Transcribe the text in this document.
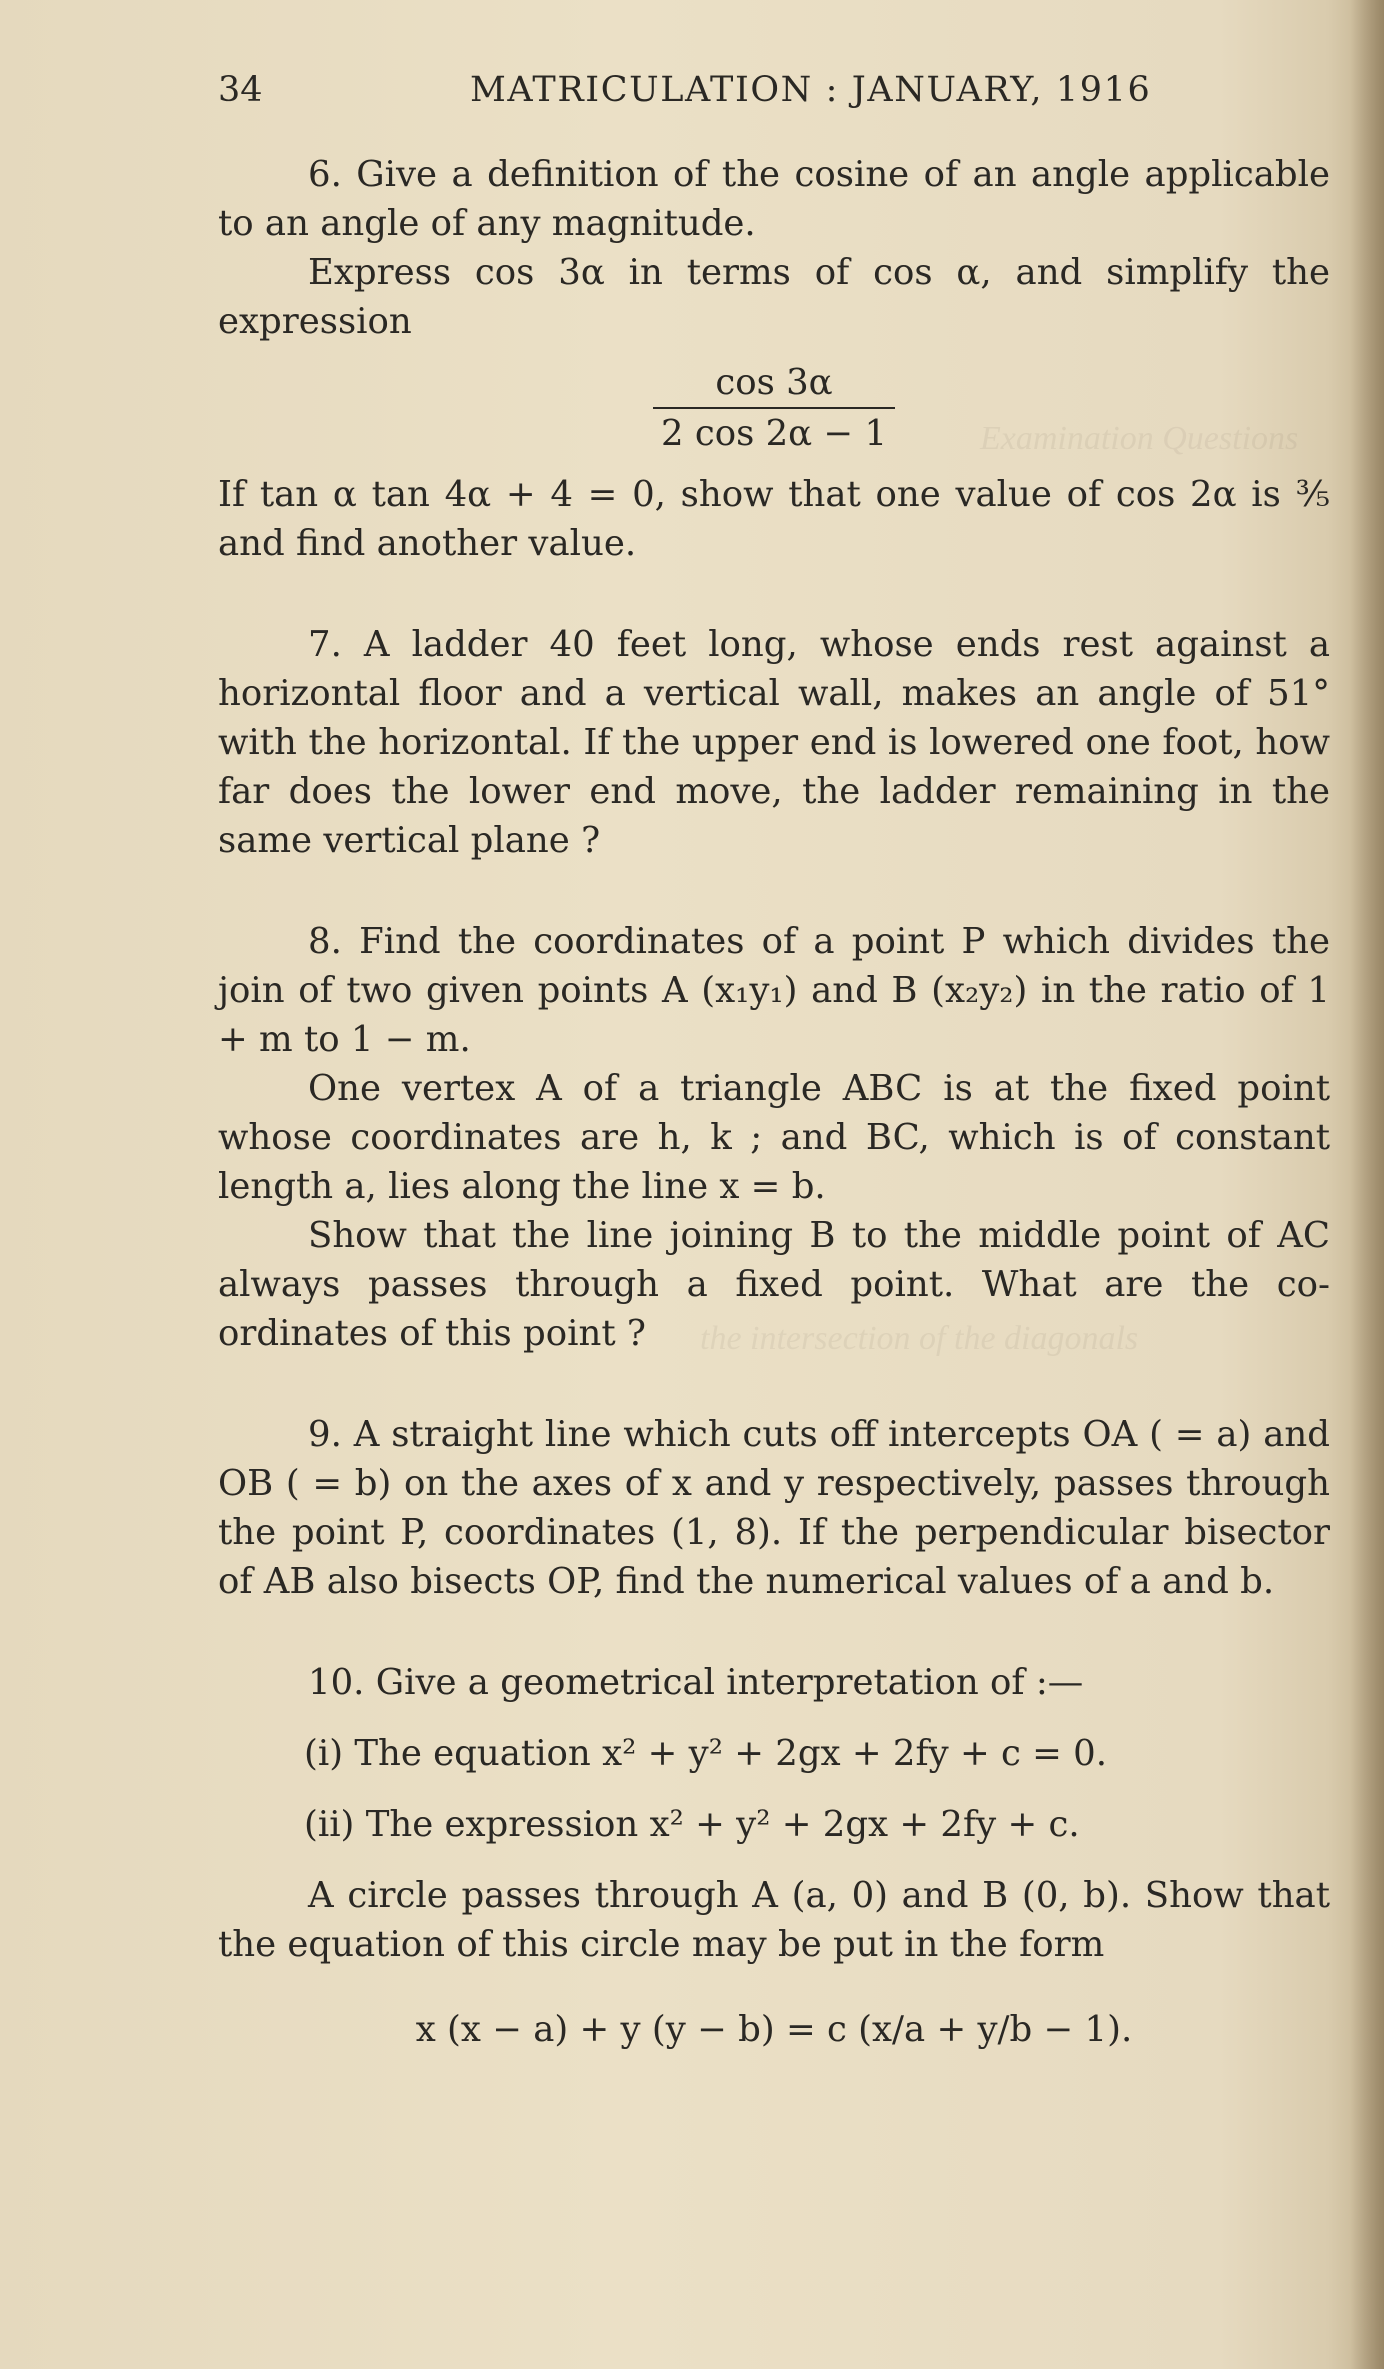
Examination Questions
the intersection of the diagonals
34	MATRICULATION : JANUARY, 1916

6. Give a definition of the cosine of an angle applicable to an angle of any magnitude.

Express cos 3α in terms of cos α, and simplify the expression

$\frac{\cos 3\alpha}{2 \cos 2\alpha - 1}$

If tan α tan 4α + 4 = 0, show that one value of cos 2α is ⅗ and find another value.

7. A ladder 40 feet long, whose ends rest against a horizontal floor and a vertical wall, makes an angle of 51° with the horizontal. If the upper end is lowered one foot, how far does the lower end move, the ladder remaining in the same vertical plane ?

8. Find the coordinates of a point P which divides the join of two given points A (x₁y₁) and B (x₂y₂) in the ratio of 1 + m to 1 − m.

One vertex A of a triangle ABC is at the fixed point whose coordinates are h, k ; and BC, which is of constant length a, lies along the line x = b.

Show that the line joining B to the middle point of AC always passes through a fixed point. What are the co-ordinates of this point ?

9. A straight line which cuts off intercepts OA ( = a) and OB ( = b) on the axes of x and y respectively, passes through the point P, coordinates (1, 8). If the perpendicular bisector of AB also bisects OP, find the numerical values of a and b.

10. Give a geometrical interpretation of :—

(i) The equation x² + y² + 2gx + 2fy + c = 0.

(ii) The expression x² + y² + 2gx + 2fy + c.

A circle passes through A (a, 0) and B (0, b). Show that the equation of this circle may be put in the form

x (x − a) + y (y − b) = c (x/a + y/b − 1).
